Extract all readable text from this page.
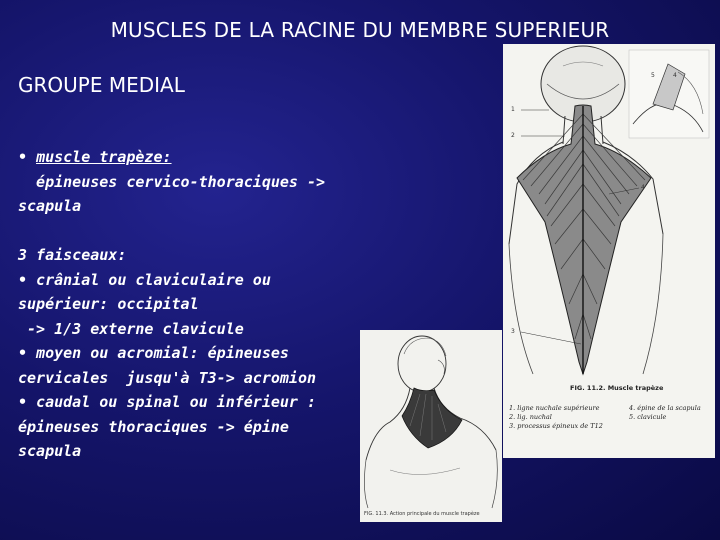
MUSCLES DE LA RACINE DU MEMBRE SUPERIEUR
GROUPE MEDIAL
• muscle trapèze:
épineuses cervico-thoraciques ->
scapula
3 faisceaux:
• crânial ou claviculaire ou
supérieur: occipital
-> 1/3 externe clavicule
• moyen ou acromial: épineuses
cervicales  jusqu'à T3-> acromion
• caudal ou spinal ou inférieur :
épineuses thoraciques -> épine
scapula
1
2
3
4
5	4
FIG. 11.2. Muscle trapèze
1. ligne nuchale supérieure
2. lig. nuchal
3. processus épineux de T12
4. épine de la scapula
5. clavicule
FIG. 11.3. Action principale du muscle trapèze
